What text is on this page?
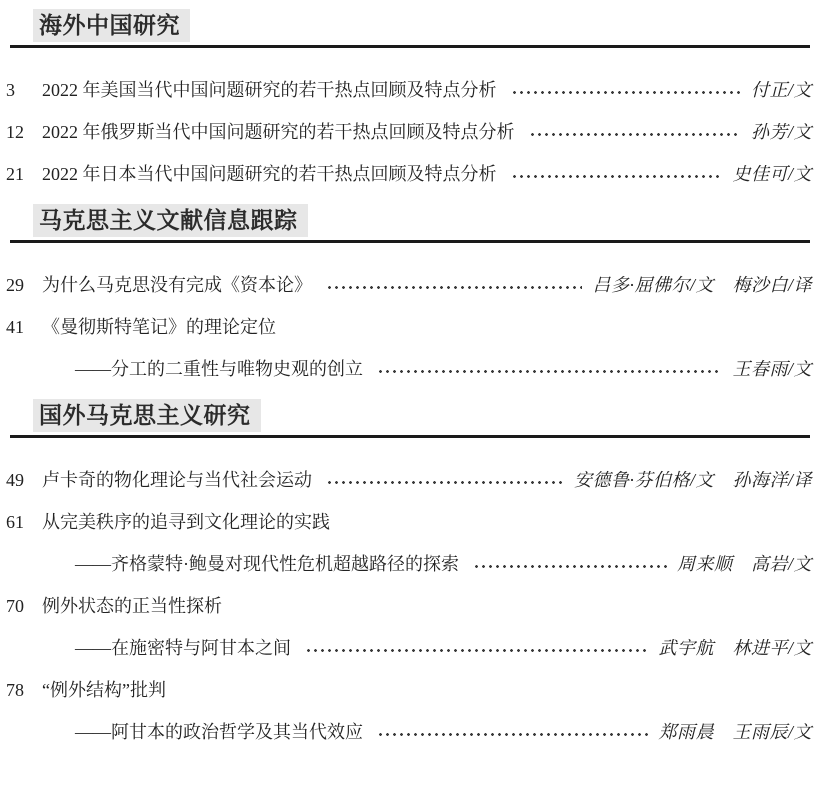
海外中国研究
3	2022 年美国当代中国问题研究的若干热点回顾及特点分析	付正/文
12	2022 年俄罗斯当代中国问题研究的若干热点回顾及特点分析	孙芳/文
21	2022 年日本当代中国问题研究的若干热点回顾及特点分析	史佳可/文
马克思主义文献信息跟踪
29	为什么马克思没有完成《资本论》	吕多·屈佛尔/文　梅沙白/译
41	《曼彻斯特笔记》的理论定位
——分工的二重性与唯物史观的创立	王春雨/文
国外马克思主义研究
49	卢卡奇的物化理论与当代社会运动	安德鲁·芬伯格/文　孙海洋/译
61	从完美秩序的追寻到文化理论的实践
——齐格蒙特·鲍曼对现代性危机超越路径的探索	周来顺　高岩/文
70	例外状态的正当性探析
——在施密特与阿甘本之间	武宇航　林进平/文
78	“例外结构”批判
——阿甘本的政治哲学及其当代效应	郑雨晨　王雨辰/文
